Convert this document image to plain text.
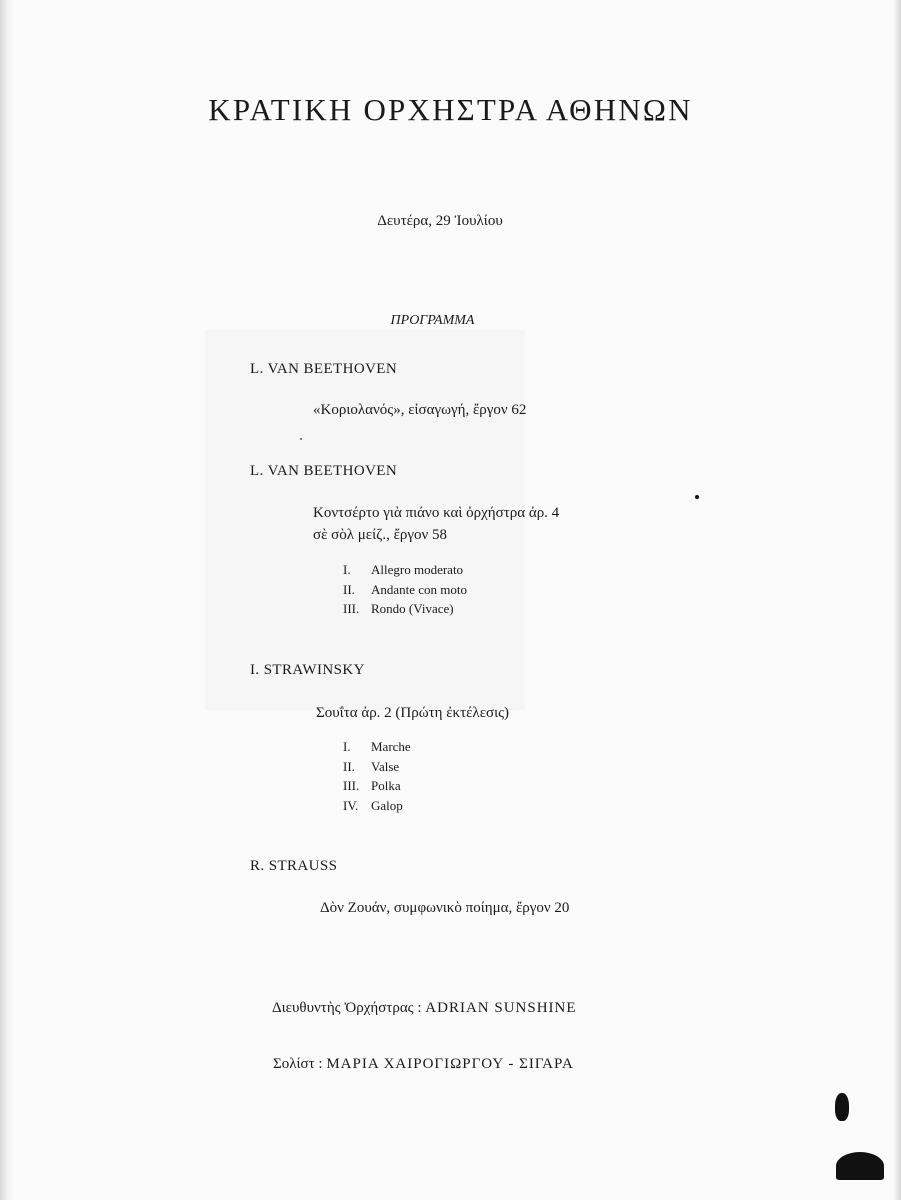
ΚΡΑΤΙΚΗ ΟΡΧΗΣΤΡΑ ΑΘΗΝΩΝ
Δευτέρα, 29 Ἰουλίου
ΠΡΟΓΡΑΜΜΑ
L. VAN BEETHOVEN
«Κοριολανός», εἰσαγωγή, ἔργον 62
L. VAN BEETHOVEN
Κοντσέρτο γιὰ πιάνο καὶ ὀρχήστρα ἀρ. 4
σὲ σὸλ μείζ., ἔργον 58
I. Allegro moderato
II. Andante con moto
III. Rondo (Vivace)
I. STRAWINSKY
Σουΐτα ἀρ. 2 (Πρώτη ἐκτέλεσις)
I. Marche
II. Valse
III. Polka
IV. Galop
R. STRAUSS
Δὸν Ζουάν, συμφωνικὸ ποίημα, ἔργον 20
Διευθυντὴς Ὀρχήστρας : ADRIAN SUNSHINE
Σολίστ : ΜΑΡΙΑ ΧΑΙΡΟΓΙΩΡΓΟΥ - ΣΙΓΑΡΑ
